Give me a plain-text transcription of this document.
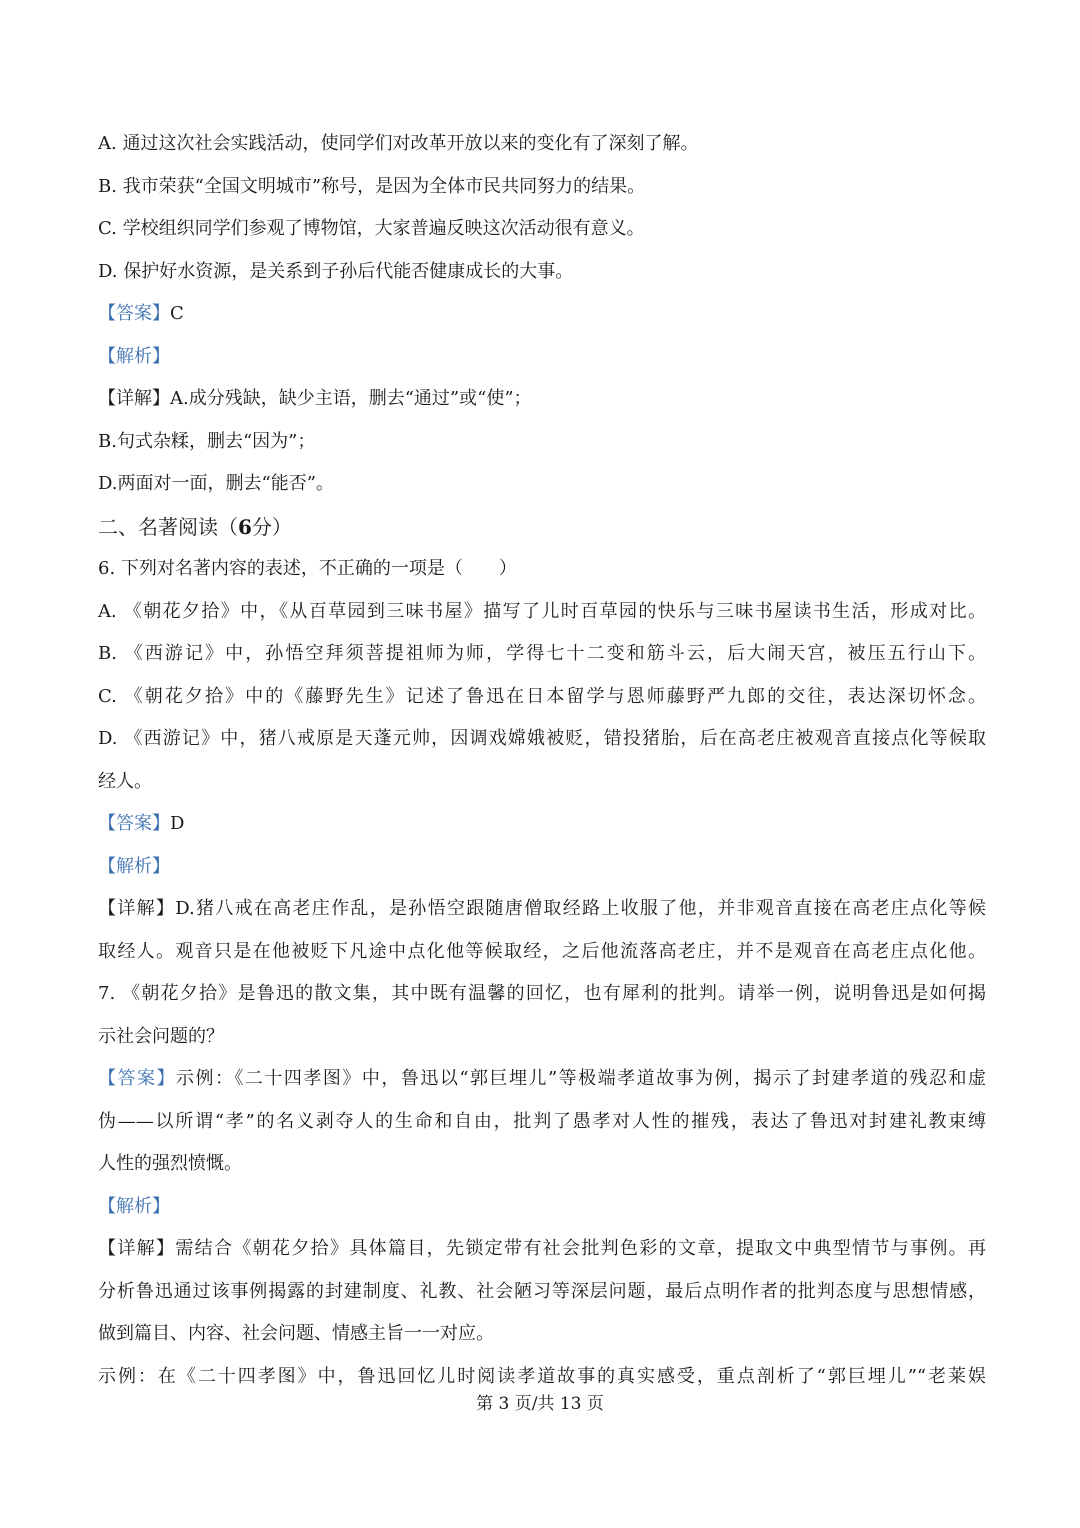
A. 通过这次社会实践活动，使同学们对改革开放以来的变化有了深刻了解。
B. 我市荣获“全国文明城市”称号，是因为全体市民共同努力的结果。
C. 学校组织同学们参观了博物馆，大家普遍反映这次活动很有意义。
D. 保护好水资源，是关系到子孙后代能否健康成长的大事。
【答案】C
【解析】
【详解】A.成分残缺，缺少主语，删去“通过”或“使”；
B.句式杂糅，删去“因为”；
D.两面对一面，删去“能否”。
二、名著阅读（6分）
6. 下列对名著内容的表述，不正确的一项是（　　）
A. 《朝花夕拾》中，《从百草园到三味书屋》描写了儿时百草园的快乐与三味书屋读书生活，形成对比。
B. 《西游记》中，孙悟空拜须菩提祖师为师，学得七十二变和筋斗云，后大闹天宫，被压五行山下。
C. 《朝花夕拾》中的《藤野先生》记述了鲁迅在日本留学与恩师藤野严九郎的交往，表达深切怀念。
D. 《西游记》中，猪八戒原是天蓬元帅，因调戏嫦娥被贬，错投猪胎，后在高老庄被观音直接点化等候取
经人。
【答案】D
【解析】
【详解】D.猪八戒在高老庄作乱，是孙悟空跟随唐僧取经路上收服了他，并非观音直接在高老庄点化等候
取经人。观音只是在他被贬下凡途中点化他等候取经，之后他流落高老庄，并不是观音在高老庄点化他。
7. 《朝花夕拾》是鲁迅的散文集，其中既有温馨的回忆，也有犀利的批判。请举一例，说明鲁迅是如何揭
示社会问题的？
【答案】示例：《二十四孝图》中，鲁迅以“郭巨埋儿”等极端孝道故事为例，揭示了封建孝道的残忍和虚
伪——以所谓“孝”的名义剥夺人的生命和自由，批判了愚孝对人性的摧残，表达了鲁迅对封建礼教束缚
人性的强烈愤慨。
【解析】
【详解】需结合《朝花夕拾》具体篇目，先锁定带有社会批判色彩的文章，提取文中典型情节与事例。再
分析鲁迅通过该事例揭露的封建制度、礼教、社会陋习等深层问题，最后点明作者的批判态度与思想情感，
做到篇目、内容、社会问题、情感主旨一一对应。
示例：在《二十四孝图》中，鲁迅回忆儿时阅读孝道故事的真实感受，重点剖析了“郭巨埋儿”“老莱娱
第 3 页/共 13 页
